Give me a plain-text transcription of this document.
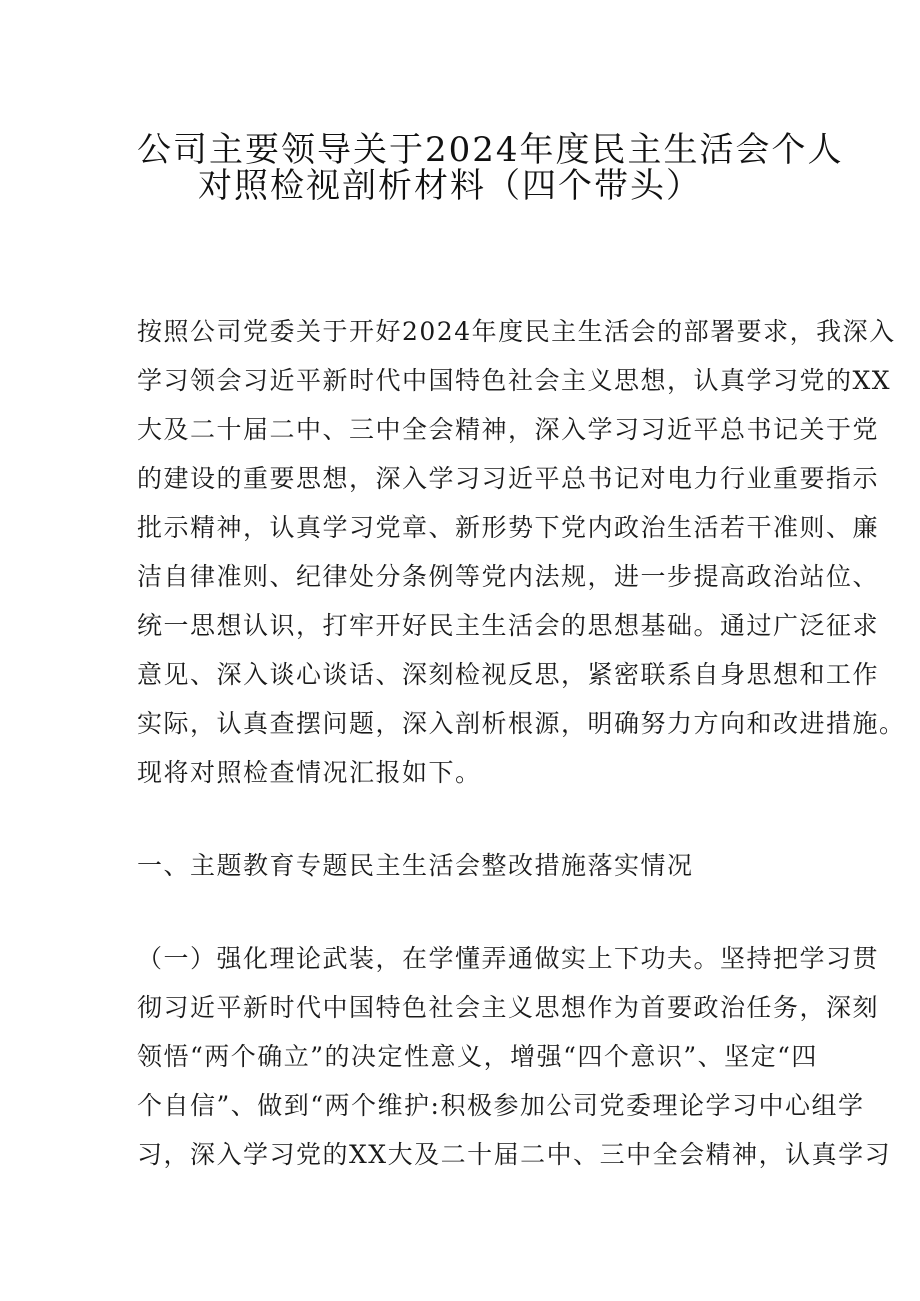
公司主要领导关于2024年度民主生活会个人
对照检视剖析材料（四个带头）
按照公司党委关于开好2024年度民主生活会的部署要求，我深入
学习领会习近平新时代中国特色社会主义思想，认真学习党的XX
大及二十届二中、三中全会精神，深入学习习近平总书记关于党
的建设的重要思想，深入学习习近平总书记对电力行业重要指示
批示精神，认真学习党章、新形势下党内政治生活若干准则、廉
洁自律准则、纪律处分条例等党内法规，进一步提高政治站位、
统一思想认识，打牢开好民主生活会的思想基础。通过广泛征求
意见、深入谈心谈话、深刻检视反思，紧密联系自身思想和工作
实际，认真查摆问题，深入剖析根源，明确努力方向和改进措施。
现将对照检查情况汇报如下。
一、主题教育专题民主生活会整改措施落实情况
（一）强化理论武装，在学懂弄通做实上下功夫。坚持把学习贯
彻习近平新时代中国特色社会主义思想作为首要政治任务，深刻
领悟“两个确立”的决定性意义，增强“四个意识”、坚定“四
个自信”、做到“两个维护:积极参加公司党委理论学习中心组学
习，深入学习党的XX大及二十届二中、三中全会精神，认真学习
